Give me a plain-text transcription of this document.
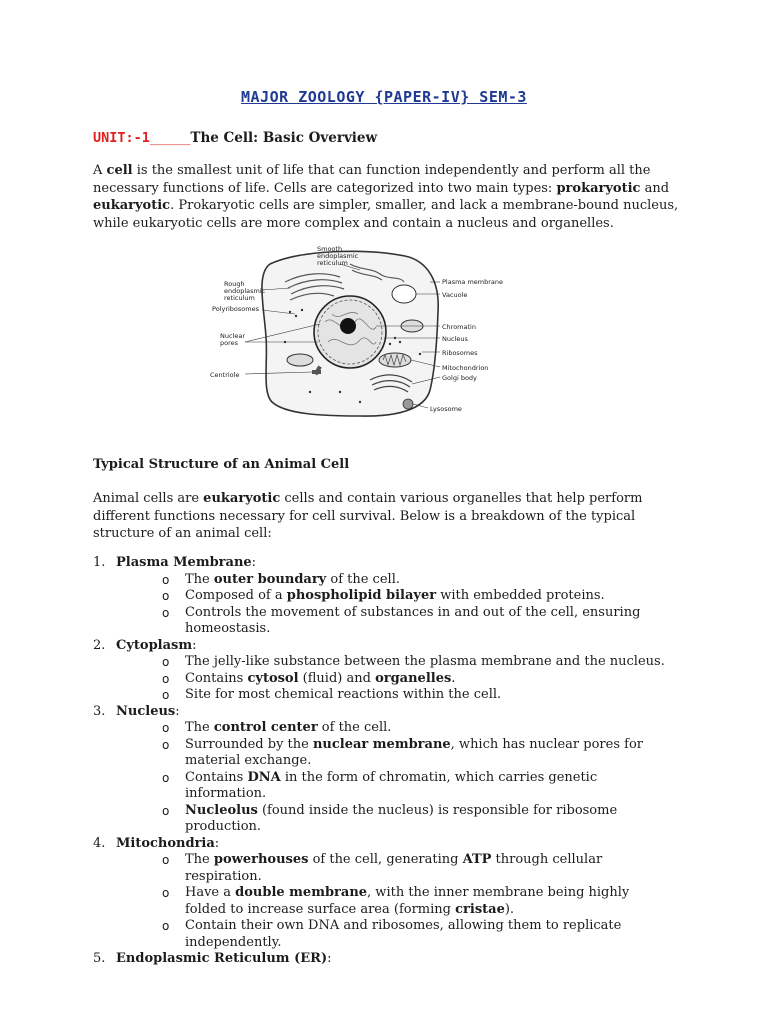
MAJOR ZOOLOGY {PAPER-IV} SEM-3

UNIT:-1______The Cell: Basic Overview

A cell is the smallest unit of life that can function independently and perform all the necessary functions of life. Cells are categorized into two main types: prokaryotic and eukaryotic. Prokaryotic cells are simpler, smaller, and lack a membrane-bound nucleus, while eukaryotic cells are more complex and contain a nucleus and organelles.

Smooth endoplasmic reticulum
Rough endoplasmic reticulum
Polyribosomes
Nuclear pores
Centriole
Plasma membrane
Vacuole
Chromatin
Nucleus
Ribosomes
Mitochondrion
Golgi body
Lysosome
Typical Structure of an Animal Cell

Animal cells are eukaryotic cells and contain various organelles that help perform different functions necessary for cell survival. Below is a breakdown of the typical structure of an animal cell:

1. Plasma Membrane:
o The outer boundary of the cell.
o Composed of a phospholipid bilayer with embedded proteins.
o Controls the movement of substances in and out of the cell, ensuring homeostasis.
2. Cytoplasm:
o The jelly-like substance between the plasma membrane and the nucleus.
o Contains cytosol (fluid) and organelles.
o Site for most chemical reactions within the cell.
3. Nucleus:
o The control center of the cell.
o Surrounded by the nuclear membrane, which has nuclear pores for material exchange.
o Contains DNA in the form of chromatin, which carries genetic information.
o Nucleolus (found inside the nucleus) is responsible for ribosome production.
4. Mitochondria:
o The powerhouses of the cell, generating ATP through cellular respiration.
o Have a double membrane, with the inner membrane being highly folded to increase surface area (forming cristae).
o Contain their own DNA and ribosomes, allowing them to replicate independently.
5. Endoplasmic Reticulum (ER):
